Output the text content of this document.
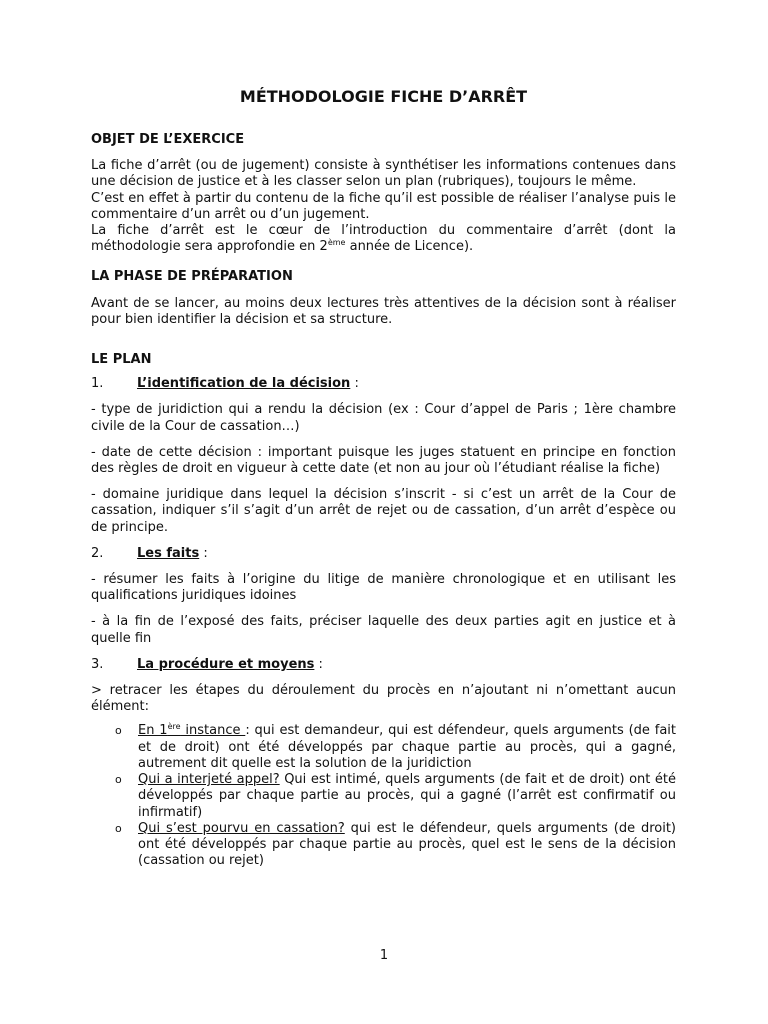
MÉTHODOLOGIE FICHE D’ARRÊT
OBJET DE L’EXERCICE

La fiche d’arrêt (ou de jugement) consiste à synthétiser les informations contenues dans une décision de justice et à les classer selon un plan (rubriques), toujours le même.

C’est en effet à partir du contenu de la fiche qu’il est possible de réaliser l’analyse puis le commentaire d’un arrêt ou d’un jugement.

La fiche d’arrêt est le cœur de l’introduction du commentaire d’arrêt (dont la méthodologie sera approfondie en 2ème année de Licence).

LA PHASE DE PRÉPARATION

Avant de se lancer, au moins deux lectures très attentives de la décision sont à réaliser pour bien identifier la décision et sa structure.

LE PLAN
1.	L’identification de la décision :

- type de juridiction qui a rendu la décision (ex : Cour d’appel de Paris ; 1ère chambre civile de la Cour de cassation…)

- date de cette décision : important puisque les juges statuent en principe en fonction des règles de droit en vigueur à cette date (et non au jour où l’étudiant réalise la fiche)

- domaine juridique dans lequel la décision s’inscrit - si c’est un arrêt de la Cour de cassation, indiquer s’il s’agit d’un arrêt de rejet ou de cassation, d’un arrêt d’espèce ou de principe.

2.	Les faits :

- résumer les faits à l’origine du litige de manière chronologique et en utilisant les qualifications juridiques idoines

- à la fin de l’exposé des faits, préciser laquelle des deux parties agit en justice et à quelle fin

3.	La procédure et moyens :

> retracer les étapes du déroulement du procès en n’ajoutant ni n’omettant aucun élément:

o	En 1ère instance : qui est demandeur, qui est défendeur, quels arguments (de fait et de droit) ont été développés par chaque partie au procès, qui a gagné, autrement dit quelle est la solution de la juridiction
o	Qui a interjeté appel? Qui est intimé, quels arguments (de fait et de droit) ont été développés par chaque partie au procès, qui a gagné (l’arrêt est confirmatif ou infirmatif)
o	Qui s’est pourvu en cassation? qui est le défendeur, quels arguments (de droit) ont été développés par chaque partie au procès, quel est le sens de la décision (cassation ou rejet)
1
